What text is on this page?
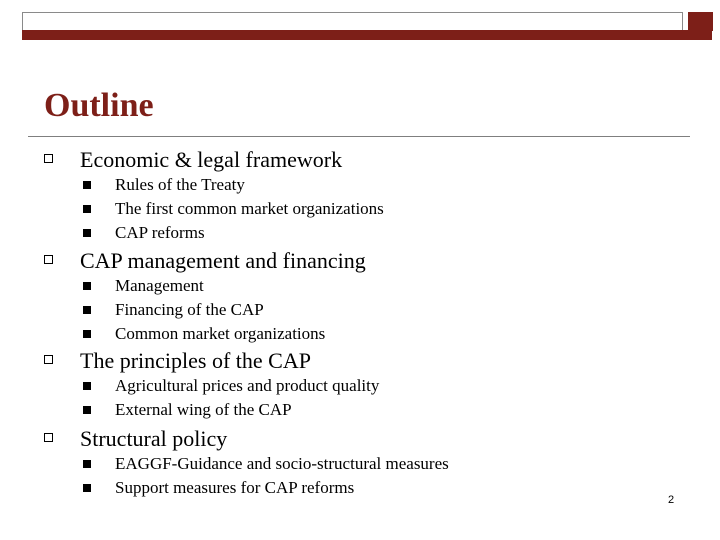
Outline
Economic & legal framework
Rules of the Treaty
The first common market organizations
CAP reforms
CAP management and financing
Management
Financing of the CAP
Common market organizations
The principles of the CAP
Agricultural prices and product quality
External wing of the CAP
Structural policy
EAGGF-Guidance and socio-structural measures
Support measures for CAP reforms
2
